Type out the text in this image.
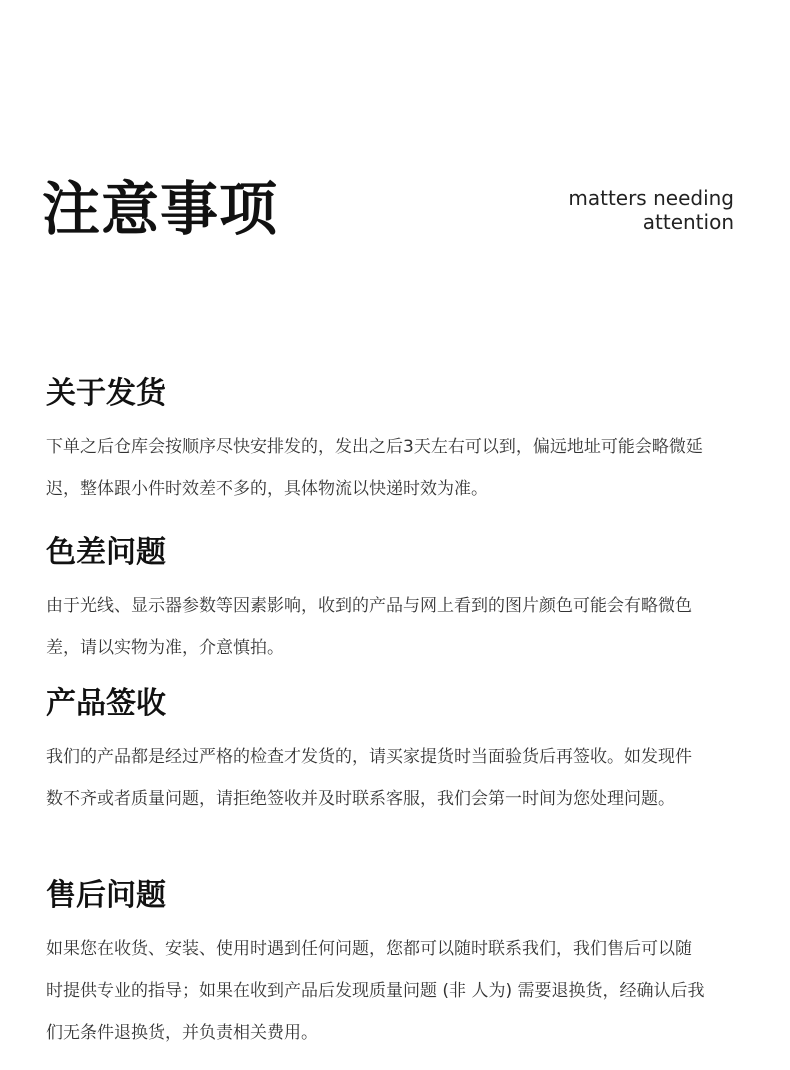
注意事项	matters needing
attention
关于发货

下单之后仓库会按顺序尽快安排发的，发出之后3天左右可以到，偏远地址可能会略微延迟，整体跟小件时效差不多的，具体物流以快递时效为准。

色差问题

由于光线、显示器参数等因素影响，收到的产品与网上看到的图片颜色可能会有略微色差，请以实物为准，介意慎拍。

产品签收

我们的产品都是经过严格的检查才发货的，请买家提货时当面验货后再签收。如发现件数不齐或者质量问题，请拒绝签收并及时联系客服，我们会第一时间为您处理问题。

售后问题

如果您在收货、安装、使用时遇到任何问题，您都可以随时联系我们，我们售后可以随时提供专业的指导；如果在收到产品后发现质量问题 (非 人为) 需要退换货，经确认后我们无条件退换货，并负责相关费用。
